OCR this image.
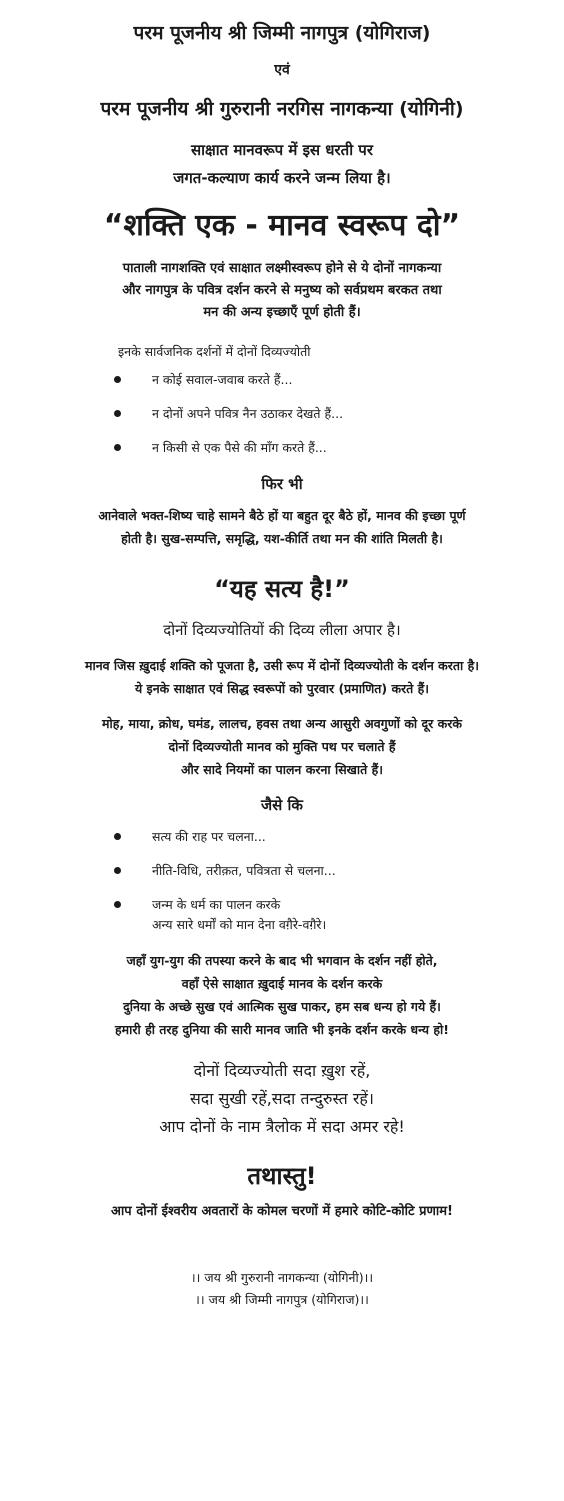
परम पूजनीय श्री जिम्मी नागपुत्र (योगिराज)

एवं

परम पूजनीय श्री गुरुरानी नरगिस नागकन्या (योगिनी)

साक्षात मानवरूप में इस धरती पर

जगत-कल्याण कार्य करने जन्म लिया है।

“शक्ति एक - मानव स्वरूप दो”

पाताली नागशक्ति एवं साक्षात लक्ष्मीस्वरूप होने से ये दोनों नागकन्या
और नागपुत्र के पवित्र दर्शन करने से मनुष्य को सर्वप्रथम बरकत तथा
मन की अन्य इच्छाएँ पूर्ण होती हैं।

इनके सार्वजनिक दर्शनों में दोनों दिव्यज्योती

न कोई सवाल-जवाब करते हैं...
न दोनों अपने पवित्र नैन उठाकर देखते हैं...
न किसी से एक पैसे की माँग करते हैं...

फिर भी

आनेवाले भक्त-शिष्य चाहे सामने बैठे हों या बहुत दूर बैठे हों, मानव की इच्छा पूर्ण
होती है। सुख-सम्पत्ति, समृद्धि, यश-कीर्ति तथा मन की शांति मिलती है।

“यह सत्य है!”

दोनों दिव्यज्योतियों की दिव्य लीला अपार है।

मानव जिस ख़ुदाई शक्ति को पूजता है, उसी रूप में दोनों दिव्यज्योती के दर्शन करता है।
ये इनके साक्षात एवं सिद्ध स्वरूपों को पुरवार (प्रमाणित) करते हैं।
मोह, माया, क्रोध, घमंड, लालच, हवस तथा अन्य आसुरी अवगुणों को दूर करके
दोनों दिव्यज्योती मानव को मुक्ति पथ पर चलाते हैं
और सादे नियमों का पालन करना सिखाते हैं।

जैसे कि

सत्य की राह पर चलना...
नीति-विधि, तरीक़त, पवित्रता से चलना...
जन्म के धर्म का पालन करके
अन्य सारे धर्मों को मान देना वग़ैरे-वग़ैरे।
जहाँ युग-युग की तपस्या करने के बाद भी भगवान के दर्शन नहीं होते,
वहाँ ऐसे साक्षात ख़ुदाई मानव के दर्शन करके
दुनिया के अच्छे सुख एवं आत्मिक सुख पाकर, हम सब धन्य हो गये हैं।
हमारी ही तरह दुनिया की सारी मानव जाति भी इनके दर्शन करके धन्य हो!
दोनों दिव्यज्योती सदा ख़ुश रहें,
सदा सुखी रहें,सदा तन्दुरुस्त रहें।
आप दोनों के नाम त्रैलोक में सदा अमर रहे!

तथास्तु!

आप दोनों ईश्वरीय अवतारों के कोमल चरणों में हमारे कोटि-कोटि प्रणाम!

।। जय श्री गुरुरानी नागकन्या (योगिनी)।।
।। जय श्री जिम्मी नागपुत्र (योगिराज)।।
